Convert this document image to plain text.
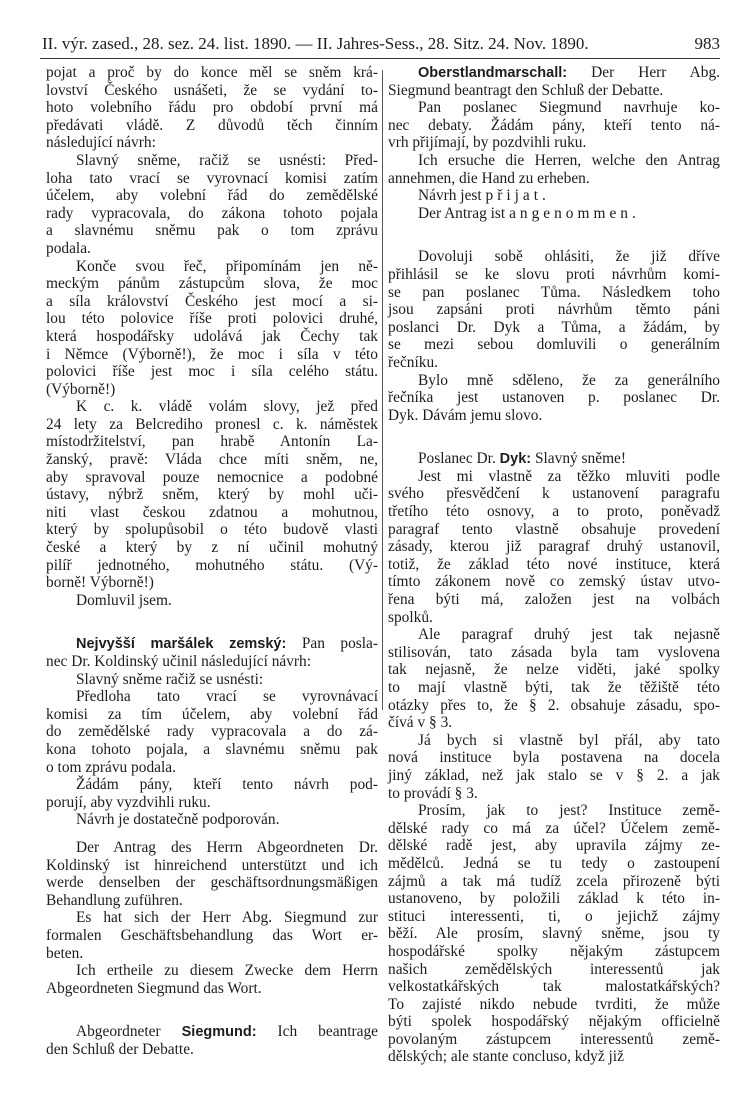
II. výr. zased., 28. sez. 24. list. 1890. — II. Jahres-Sess., 28. Sitz. 24. Nov. 1890.	983
pojat a proč by do konce měl se sněm krá-
lovství Českého usnášeti, že se vydání to-
hoto volebního řádu pro období první má
předávati vládě. Z důvodů těch činním
následující návrh:
Slavný sněme, račiž se usnésti: Před-
loha tato vrací se vyrovnací komisi zatím
účelem, aby volební řád do zemědělské
rady vypracovala, do zákona tohoto pojala
a slavnému sněmu pak o tom zprávu
podala.
Konče svou řeč, připomínám jen ně-
meckým pánům zástupcům slova, že moc
a síla království Českého jest mocí a si-
lou této polovice říše proti polovici druhé,
která hospodářsky udolává jak Čechy tak
i Němce (Výborně!), že moc i síla v této
polovici říše jest moc i síla celého státu.
(Výborně!)
K c. k. vládě volám slovy, jež před
24 lety za Belcrediho pronesl c. k. náměstek
místodržitelství, pan hrabě Antonín La-
žanský, pravě: Vláda chce míti sněm, ne,
aby spravoval pouze nemocnice a podobné
ústavy, nýbrž sněm, který by mohl uči-
niti vlast českou zdatnou a mohutnou,
který by spolupůsobil o této budově vlasti
české a který by z ní učinil mohutný
pilíř jednotného, mohutného státu. (Vý-
borně! Výborně!)
Domluvil jsem.
Nejvyšší maršálek zemský: Pan posla-
nec Dr. Koldinský učinil následující návrh:
Slavný sněme račiž se usnésti:
Předloha tato vrací se vyrovnávací
komisi za tím účelem, aby volební řád
do zemědělské rady vypracovala a do zá-
kona tohoto pojala, a slavnému sněmu pak
o tom zprávu podala.
Žádám pány, kteří tento návrh pod-
porují, aby vyzdvihli ruku.
Návrh je dostatečně podporován.
Der Antrag des Herrn Abgeordneten Dr.
Koldinský ist hinreichend unterstützt und ich
werde denselben der geschäftsordnungsmäßigen
Behandlung zuführen.
Es hat sich der Herr Abg. Siegmund zur
formalen Geschäftsbehandlung das Wort er-
beten.
Ich ertheile zu diesem Zwecke dem Herrn
Abgeordneten Siegmund das Wort.
Abgeordneter Siegmund: Ich beantrage
den Schluß der Debatte.
Oberstlandmarschall: Der Herr Abg.
Siegmund beantragt den Schluß der Debatte.
Pan poslanec Siegmund navrhuje ko-
nec debaty. Žádám pány, kteří tento ná-
vrh přijímají, by pozdvihli ruku.
Ich ersuche die Herren, welche den Antrag
annehmen, die Hand zu erheben.
Návrh jest přijat.
Der Antrag ist angenommen.
Dovoluji sobě ohlásiti, že již dříve
přihlásil se ke slovu proti návrhům komi-
se pan poslanec Tůma. Následkem toho
jsou zapsáni proti návrhům těmto páni
poslanci Dr. Dyk a Tůma, a žádám, by
se mezi sebou domluvili o generálním
řečníku.
Bylo mně sděleno, že za generálního
řečníka jest ustanoven p. poslanec Dr.
Dyk. Dávám jemu slovo.
Poslanec Dr. Dyk: Slavný sněme!
Jest mi vlastně za těžko mluviti podle
svého přesvědčení k ustanovení paragrafu
třetího této osnovy, a to proto, poněvadž
paragraf tento vlastně obsahuje provedení
zásady, kterou již paragraf druhý ustanovil,
totiž, že základ této nové instituce, která
tímto zákonem nově co zemský ústav utvo-
řena býti má, založen jest na volbách
spolků.
Ale paragraf druhý jest tak nejasně
stilisován, tato zásada byla tam vyslovena
tak nejasně, že nelze viděti, jaké spolky
to mají vlastně býti, tak že těžiště této
otázky přes to, že § 2. obsahuje zásadu, spo-
čívá v § 3.
Já bych si vlastně byl přál, aby tato
nová instituce byla postavena na docela
jiný základ, než jak stalo se v § 2. a jak
to provádí § 3.
Prosím, jak to jest? Instituce země-
dělské rady co má za účel? Účelem země-
dělské radě jest, aby upravila zájmy ze-
mědělců. Jedná se tu tedy o zastoupení
zájmů a tak má tudíž zcela přirozeně býti
ustanoveno, by položili základ k této in-
stituci interessenti, ti, o jejichž zájmy
běží. Ale prosím, slavný sněme, jsou ty
hospodářské spolky nějakým zástupcem
našich zemědělských interessentů jak
velkostatkářských tak malostatkářských?
To zajisté nikdo nebude tvrditi, že může
býti spolek hospodářský nějakým officielně
povolaným zástupcem interessentů země-
dělských; ale stante concluso, když již
